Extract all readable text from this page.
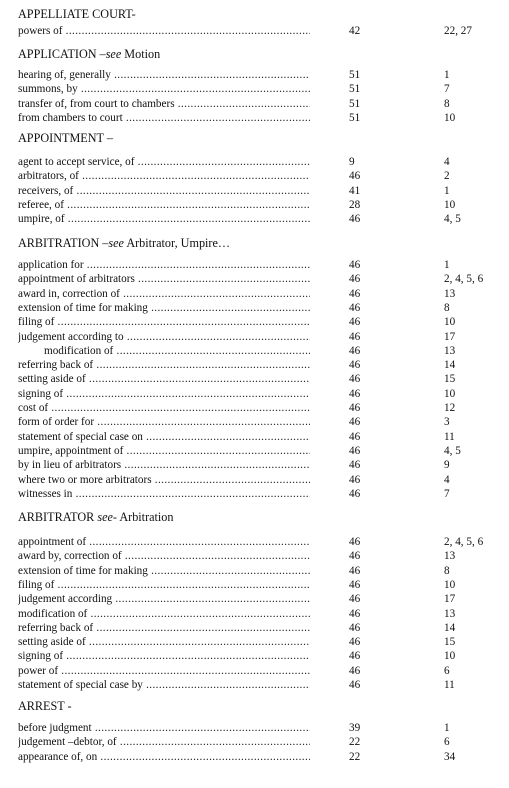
APPELLIATE COURT-
powers of .....	42	22, 27
APPLICATION –see Motion
hearing of, generally .....	51	1
summons, by .....	51	7
transfer of, from court to chambers .....	51	8
from chambers to court .....	51	10
APPOINTMENT –
agent to accept service, of .....	9	4
arbitrators, of .....	46	2
receivers, of .....	41	1
referee, of .....	28	10
umpire, of .....	46	4, 5
ARBITRATION –see Arbitrator, Umpire…
application for .....	46	1
appointment of arbitrators .....	46	2, 4, 5, 6
award in, correction of .....	46	13
extension of time for making .....	46	8
filing of .....	46	10
judgement according to .....	46	17
modification of .....	46	13
referring back of .....	46	14
setting aside of .....	46	15
signing of .....	46	10
cost of .....	46	12
form of order for .....	46	3
statement of special case on .....	46	11
umpire, appointment of .....	46	4, 5
by in lieu of arbitrators .....	46	9
where two or more arbitrators .....	46	4
witnesses in .....	46	7
ARBITRATOR see- Arbitration
appointment of .....	46	2, 4, 5, 6
award by, correction of .....	46	13
extension of time for making .....	46	8
filing of .....	46	10
judgement according .....	46	17
modification of .....	46	13
referring back of .....	46	14
setting aside of .....	46	15
signing of .....	46	10
power of .....	46	6
statement of special case by .....	46	11
ARREST -
before judgment .....	39	1
judgement –debtor, of .....	22	6
appearance of, on .....	22	34
